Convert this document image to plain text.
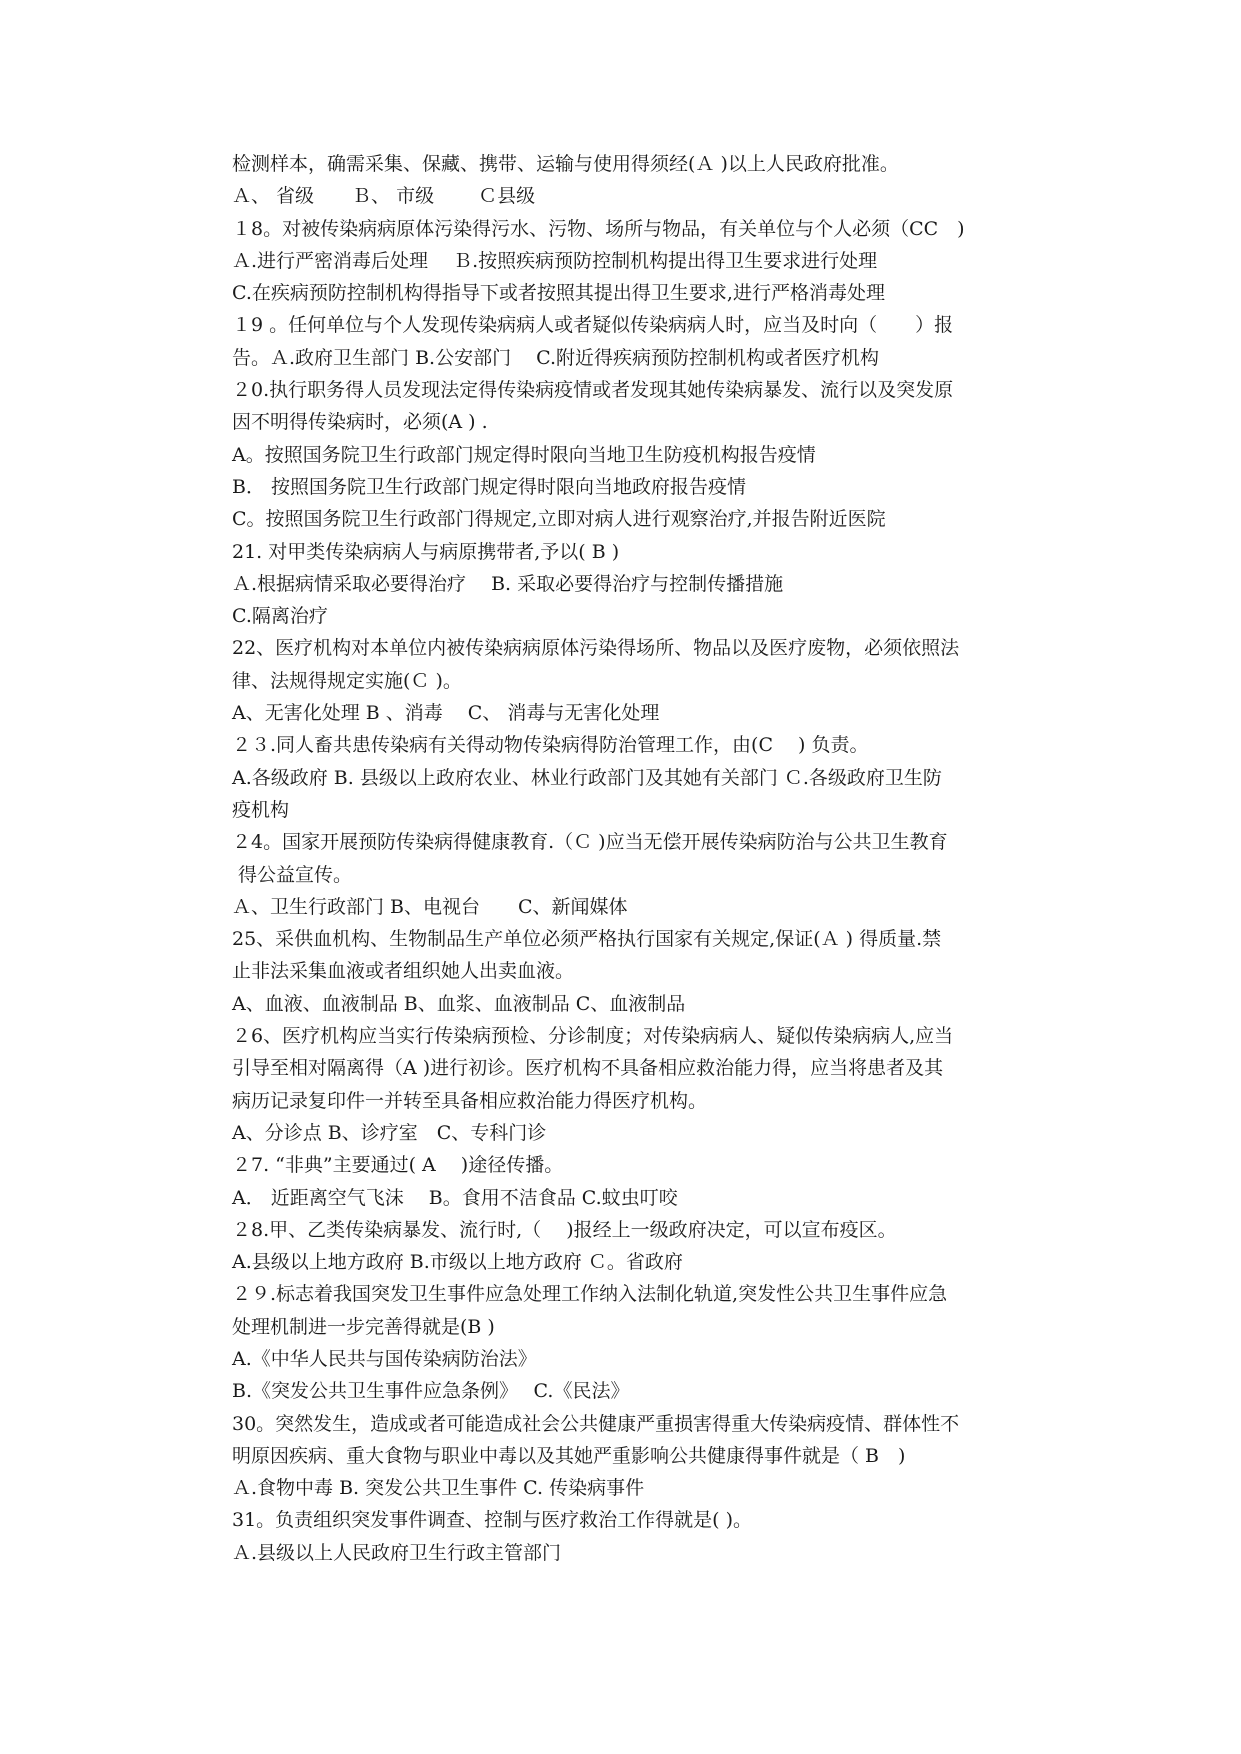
检测样本，确需采集、保藏、携带、运输与使用得须经(Ａ )以上人民政府批准。
Ａ、 省级　　Ｂ、 市级　　 Ｃ县级
１8。对被传染病病原体污染得污水、污物、场所与物品，有关单位与个人必须（CC　)
Ａ.进行严密消毒后处理　 Ｂ.按照疾病预防控制机构提出得卫生要求进行处理
C.在疾病预防控制机构得指导下或者按照其提出得卫生要求,进行严格消毒处理
１9 。任何单位与个人发现传染病病人或者疑似传染病病人时，应当及时向（　　）报
告。Ａ.政府卫生部门 B.公安部门　 C.附近得疾病预防控制机构或者医疗机构
２0.执行职务得人员发现法定得传染病疫情或者发现其她传染病暴发、流行以及突发原
因不明得传染病时，必须(A ) .
A。按照国务院卫生行政部门规定得时限向当地卫生防疫机构报告疫情
B． 按照国务院卫生行政部门规定得时限向当地政府报告疫情
C。按照国务院卫生行政部门得规定,立即对病人进行观察治疗,并报告附近医院
21. 对甲类传染病病人与病原携带者,予以( B )
Ａ.根据病情采取必要得治疗　 B. 采取必要得治疗与控制传播措施
C.隔离治疗
22、医疗机构对本单位内被传染病病原体污染得场所、物品以及医疗废物，必须依照法
律、法规得规定实施(Ｃ )。
A、无害化处理 B 、消毒　 C、 消毒与无害化处理
２３.同人畜共患传染病有关得动物传染病得防治管理工作，由(C　 ) 负责。
A.各级政府 B. 县级以上政府农业、林业行政部门及其她有关部门 Ｃ.各级政府卫生防
疫机构
２4。国家开展预防传染病得健康教育.（Ｃ )应当无偿开展传染病防治与公共卫生教育
得公益宣传。
Ａ、卫生行政部门 B、电视台　　C、新闻媒体
25、采供血机构、生物制品生产单位必须严格执行国家有关规定,保证(Ａ ) 得质量.禁
止非法采集血液或者组织她人出卖血液。
A、血液、血液制品 B、血浆、血液制品 C、血液制品
２6、医疗机构应当实行传染病预检、分诊制度；对传染病病人、疑似传染病病人,应当
引导至相对隔离得（A )进行初诊。医疗机构不具备相应救治能力得，应当将患者及其
病历记录复印件一并转至具备相应救治能力得医疗机构。
A、分诊点 B、诊疗室　C、专科门诊
２7. “非典”主要通过( A　 )途径传播。
A． 近距离空气飞沫　 B。食用不洁食品 C.蚊虫叮咬
２8.甲、乙类传染病暴发、流行时,（　 )报经上一级政府决定，可以宣布疫区。
A.县级以上地方政府 B.市级以上地方政府 Ｃ。省政府
２９.标志着我国突发卫生事件应急处理工作纳入法制化轨道,突发性公共卫生事件应急
处理机制进一步完善得就是(B )
A.《中华人民共与国传染病防治法》
B.《突发公共卫生事件应急条例》　 C.《民法》
30。突然发生，造成或者可能造成社会公共健康严重损害得重大传染病疫情、群体性不
明原因疾病、重大食物与职业中毒以及其她严重影响公共健康得事件就是（ B　)
Ａ.食物中毒 B. 突发公共卫生事件 C. 传染病事件
31。负责组织突发事件调查、控制与医疗救治工作得就是( )。
Ａ.县级以上人民政府卫生行政主管部门
